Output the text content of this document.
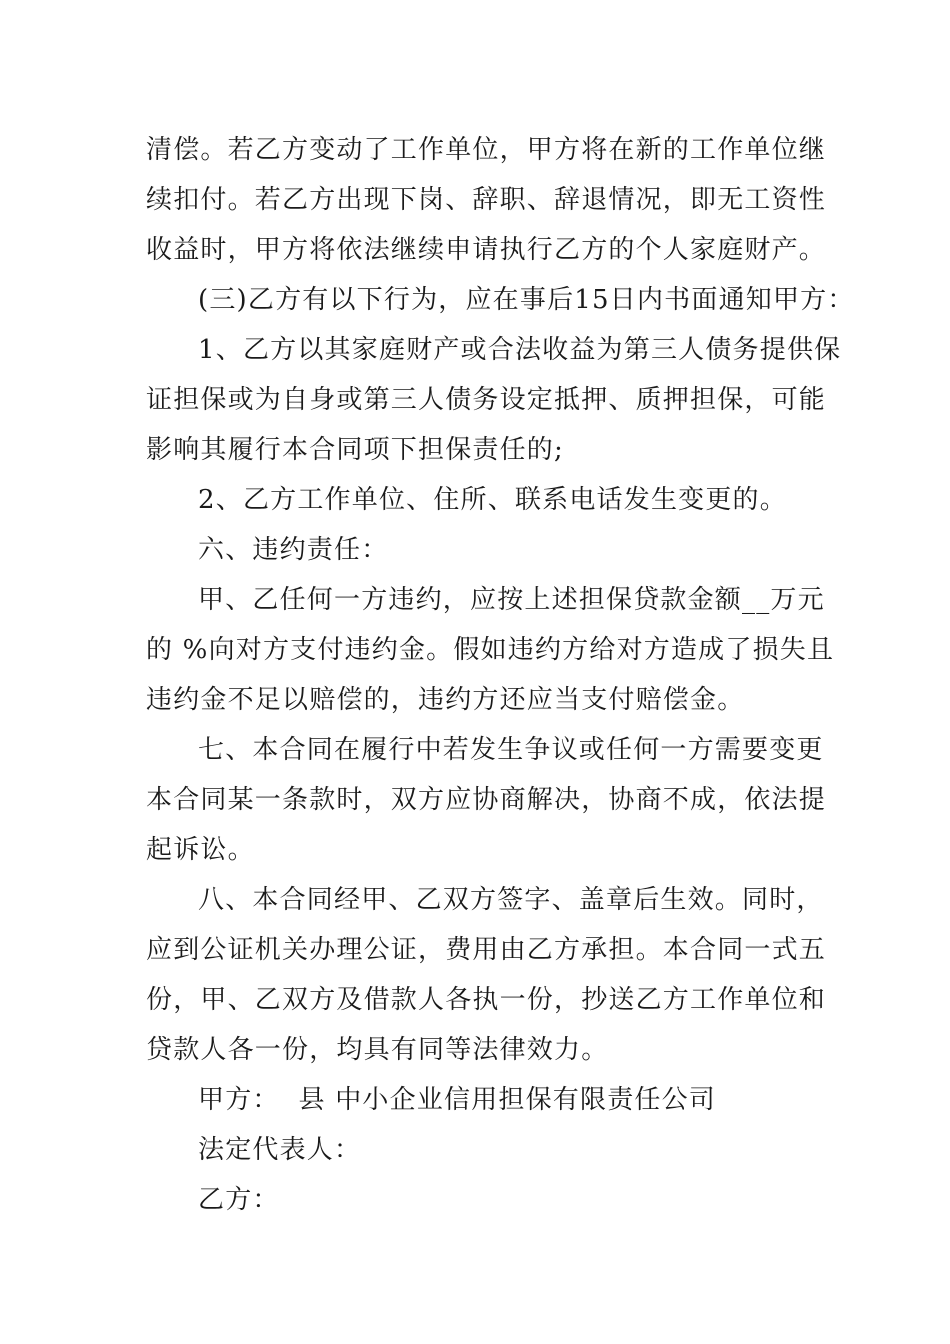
清偿。若乙方变动了工作单位，甲方将在新的工作单位继
续扣付。若乙方出现下岗、辞职、辞退情况，即无工资性
收益时，甲方将依法继续申请执行乙方的个人家庭财产。
(三)乙方有以下行为，应在事后15日内书面通知甲方：
1、乙方以其家庭财产或合法收益为第三人债务提供保
证担保或为自身或第三人债务设定抵押、质押担保，可能
影响其履行本合同项下担保责任的;
2、乙方工作单位、住所、联系电话发生变更的。
六、违约责任：
甲、乙任何一方违约，应按上述担保贷款金额__万元
的 %向对方支付违约金。假如违约方给对方造成了损失且
违约金不足以赔偿的，违约方还应当支付赔偿金。
七、本合同在履行中若发生争议或任何一方需要变更
本合同某一条款时，双方应协商解决，协商不成，依法提
起诉讼。
八、本合同经甲、乙双方签字、盖章后生效。同时，
应到公证机关办理公证，费用由乙方承担。本合同一式五
份，甲、乙双方及借款人各执一份，抄送乙方工作单位和
贷款人各一份，均具有同等法律效力。
甲方：  县 中小企业信用担保有限责任公司
法定代表人：
乙方：
